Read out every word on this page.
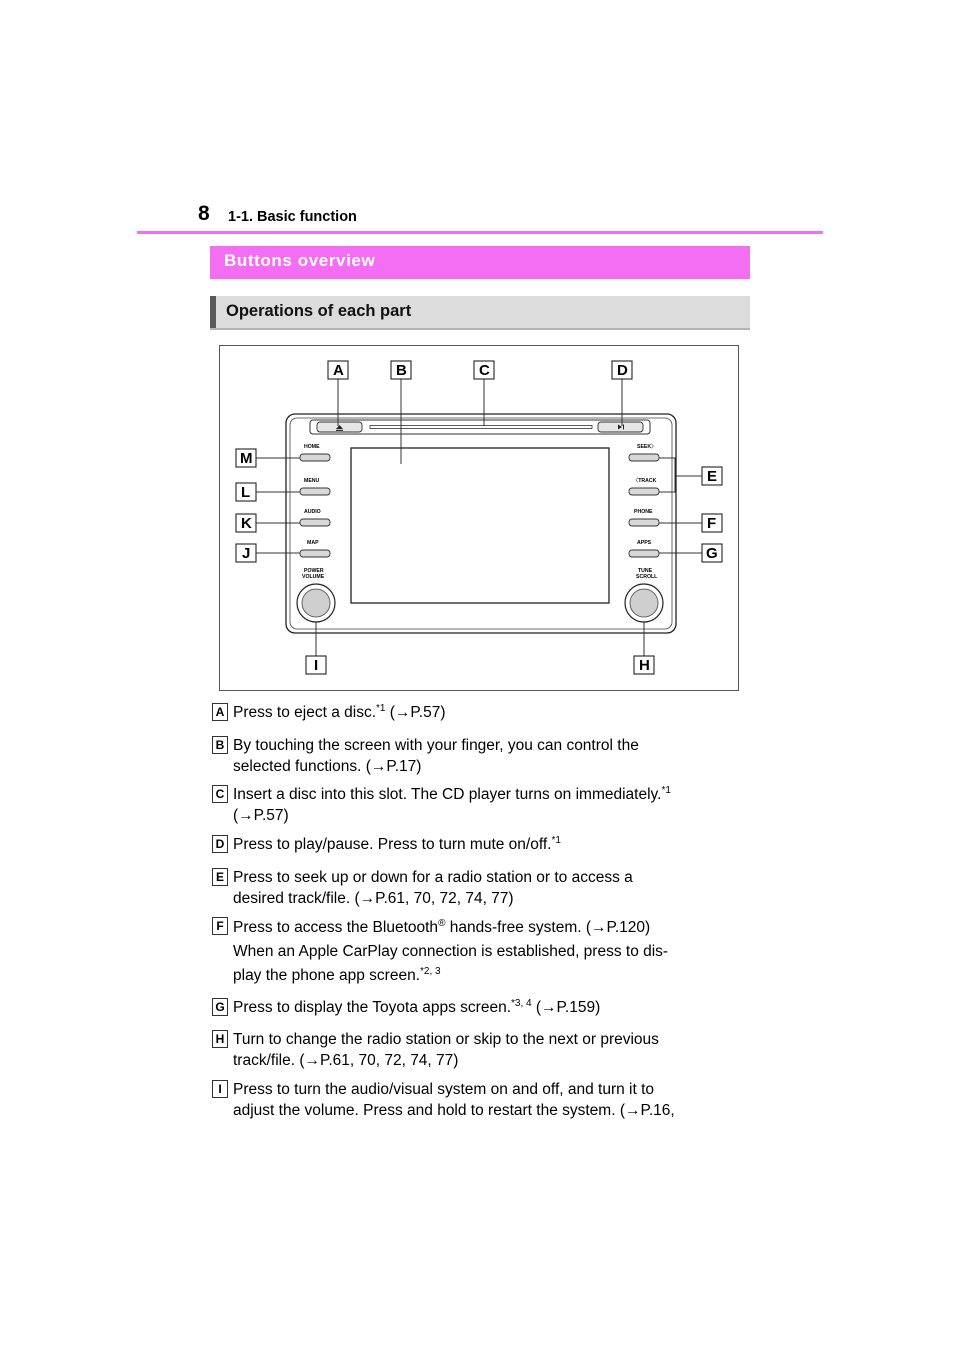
8 1-1. Basic function
Buttons overview
Operations of each part
HOME
MENU
AUDIO
MAP
SEEK〉
〈TRACK
PHONE
APPS
POWER
VOLUME
TUNE
SCROLL
A	B	C	D
E
F
G
H
I
J
K
L
M
A Press to eject a disc.$^{*1}$ (→P.57)
B By touching the screen with your finger, you can control the
selected functions. (→P.17)
C Insert a disc into this slot. The CD player turns on immediately.$^{*1}$
(→P.57)
D Press to play/pause. Press to turn mute on/off.$^{*1}$
E Press to seek up or down for a radio station or to access a
desired track/file. (→P.61, 70, 72, 74, 77)
F Press to access the Bluetooth® hands-free system. (→P.120)
When an Apple CarPlay connection is established, press to dis-
play the phone app screen.$^{*2, 3}$
G Press to display the Toyota apps screen.$^{*3, 4}$ (→P.159)
H Turn to change the radio station or skip to the next or previous
track/file. (→P.61, 70, 72, 74, 77)
I Press to turn the audio/visual system on and off, and turn it to
adjust the volume. Press and hold to restart the system. (→P.16,
